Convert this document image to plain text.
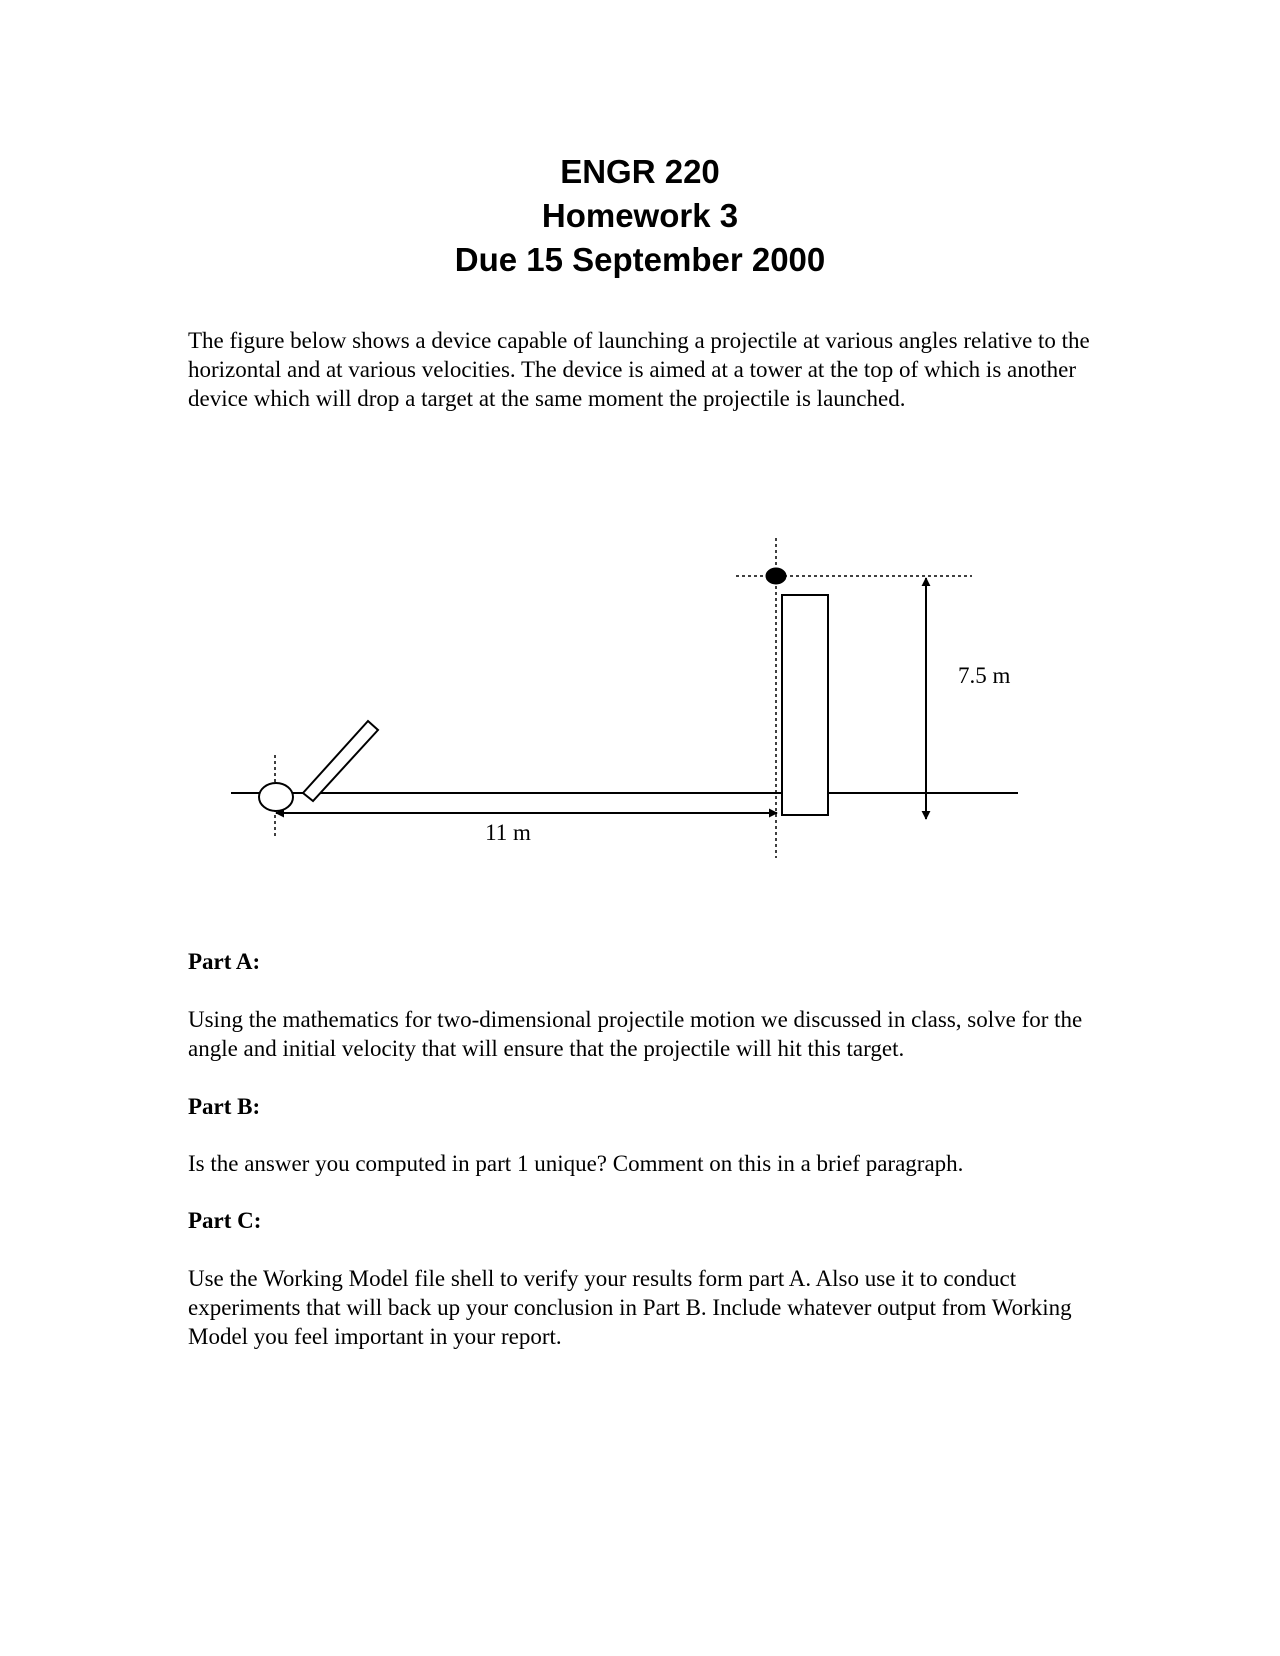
ENGR 220
Homework 3
Due 15 September 2000

The figure below shows a device capable of launching a projectile at various angles relative to the horizontal and at various velocities. The device is aimed at a tower at the top of which is another device which will drop a target at the same moment the projectile is launched.

11 m
7.5 m

Part A:

Using the mathematics for two-dimensional projectile motion we discussed in class, solve for the angle and initial velocity that will ensure that the projectile will hit this target.

Part B:

Is the answer you computed in part 1 unique? Comment on this in a brief paragraph.

Part C:

Use the Working Model file shell to verify your results form part A. Also use it to conduct experiments that will back up your conclusion in Part B. Include whatever output from Working Model you feel important in your report.
